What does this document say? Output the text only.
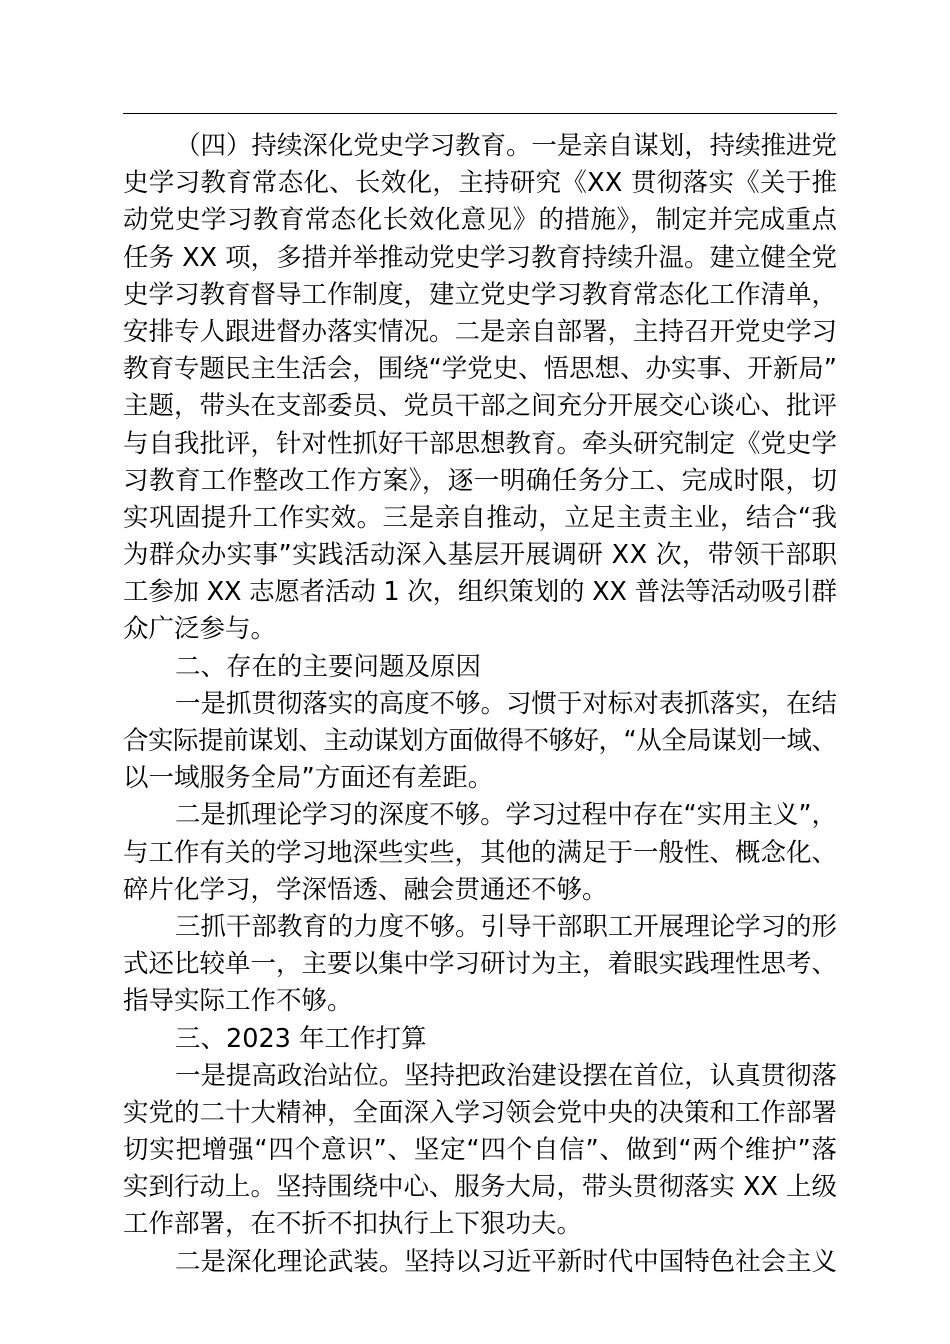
（四）持续深化党史学习教育。一是亲自谋划，持续推进党
史学习教育常态化、长效化，主持研究《XX 贯彻落实《关于推
动党史学习教育常态化长效化意见》的措施》，制定并完成重点
任务 XX 项，多措并举推动党史学习教育持续升温。建立健全党
史学习教育督导工作制度，建立党史学习教育常态化工作清单，
安排专人跟进督办落实情况。二是亲自部署，主持召开党史学习
教育专题民主生活会，围绕“学党史、悟思想、办实事、开新局”
主题，带头在支部委员、党员干部之间充分开展交心谈心、批评
与自我批评，针对性抓好干部思想教育。牵头研究制定《党史学
习教育工作整改工作方案》，逐一明确任务分工、完成时限，切
实巩固提升工作实效。三是亲自推动，立足主责主业，结合“我
为群众办实事”实践活动深入基层开展调研 XX 次，带领干部职
工参加 XX 志愿者活动 1 次，组织策划的 XX 普法等活动吸引群
众广泛参与。
二、存在的主要问题及原因
一是抓贯彻落实的高度不够。习惯于对标对表抓落实，在结
合实际提前谋划、主动谋划方面做得不够好，“从全局谋划一域、
以一域服务全局”方面还有差距。
二是抓理论学习的深度不够。学习过程中存在“实用主义”，
与工作有关的学习地深些实些，其他的满足于一般性、概念化、
碎片化学习，学深悟透、融会贯通还不够。
三抓干部教育的力度不够。引导干部职工开展理论学习的形
式还比较单一，主要以集中学习研讨为主，着眼实践理性思考、
指导实际工作不够。
三、2023 年工作打算
一是提高政治站位。坚持把政治建设摆在首位，认真贯彻落
实党的二十大精神，全面深入学习领会党中央的决策和工作部署
切实把增强“四个意识”、坚定“四个自信”、做到“两个维护”落
实到行动上。坚持围绕中心、服务大局，带头贯彻落实 XX 上级
工作部署，在不折不扣执行上下狠功夫。
二是深化理论武装。坚持以习近平新时代中国特色社会主义
